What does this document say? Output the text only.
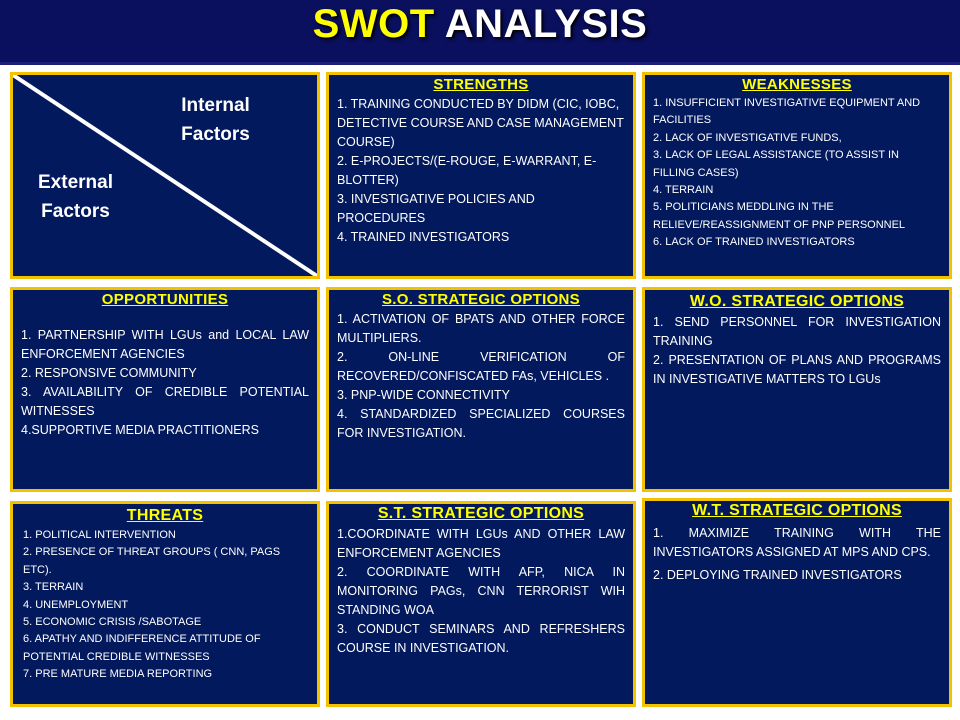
SWOT ANALYSIS
Internal
Factors
External
Factors
STRENGTHS
1. TRAINING CONDUCTED BY DIDM (CIC, IOBC, DETECTIVE COURSE AND CASE MANAGEMENT COURSE)
2. E-PROJECTS/(E-ROUGE, E-WARRANT, E-BLOTTER)
3. INVESTIGATIVE POLICIES AND PROCEDURES
4. TRAINED INVESTIGATORS
WEAKNESSES
1. INSUFFICIENT INVESTIGATIVE EQUIPMENT AND FACILITIES
2. LACK OF INVESTIGATIVE FUNDS,
3. LACK OF LEGAL ASSISTANCE (TO ASSIST IN FILLING CASES)
4. TERRAIN
5. POLITICIANS MEDDLING IN THE RELIEVE/REASSIGNMENT OF PNP PERSONNEL
6. LACK OF TRAINED INVESTIGATORS
OPPORTUNITIES
1. PARTNERSHIP WITH LGUs and LOCAL LAW ENFORCEMENT AGENCIES
2. RESPONSIVE COMMUNITY
3. AVAILABILITY OF CREDIBLE POTENTIAL WITNESSES
4.SUPPORTIVE MEDIA PRACTITIONERS
S.O. STRATEGIC OPTIONS
1. ACTIVATION OF BPATS AND OTHER FORCE MULTIPLIERS.
2. ON-LINE VERIFICATION OF RECOVERED/CONFISCATED FAs, VEHICLES .
3. PNP-WIDE CONNECTIVITY
4. STANDARDIZED SPECIALIZED COURSES FOR INVESTIGATION.
W.O. STRATEGIC OPTIONS
1. SEND PERSONNEL FOR INVESTIGATION TRAINING
2. PRESENTATION OF PLANS AND PROGRAMS IN INVESTIGATIVE MATTERS TO LGUs
THREATS
1. POLITICAL INTERVENTION
2. PRESENCE OF THREAT GROUPS ( CNN, PAGS ETC).
3. TERRAIN
4. UNEMPLOYMENT
5. ECONOMIC CRISIS /SABOTAGE
6. APATHY AND INDIFFERENCE ATTITUDE OF POTENTIAL CREDIBLE WITNESSES
7. PRE MATURE MEDIA REPORTING
S.T. STRATEGIC OPTIONS
1.COORDINATE WITH LGUs AND OTHER LAW ENFORCEMENT AGENCIES
2. COORDINATE WITH AFP, NICA IN MONITORING PAGs, CNN TERRORIST WIH STANDING WOA
3. CONDUCT SEMINARS AND REFRESHERS COURSE IN INVESTIGATION.
W.T. STRATEGIC OPTIONS
1. MAXIMIZE TRAINING WITH THE INVESTIGATORS ASSIGNED AT MPS AND CPS.
2. DEPLOYING TRAINED INVESTIGATORS
